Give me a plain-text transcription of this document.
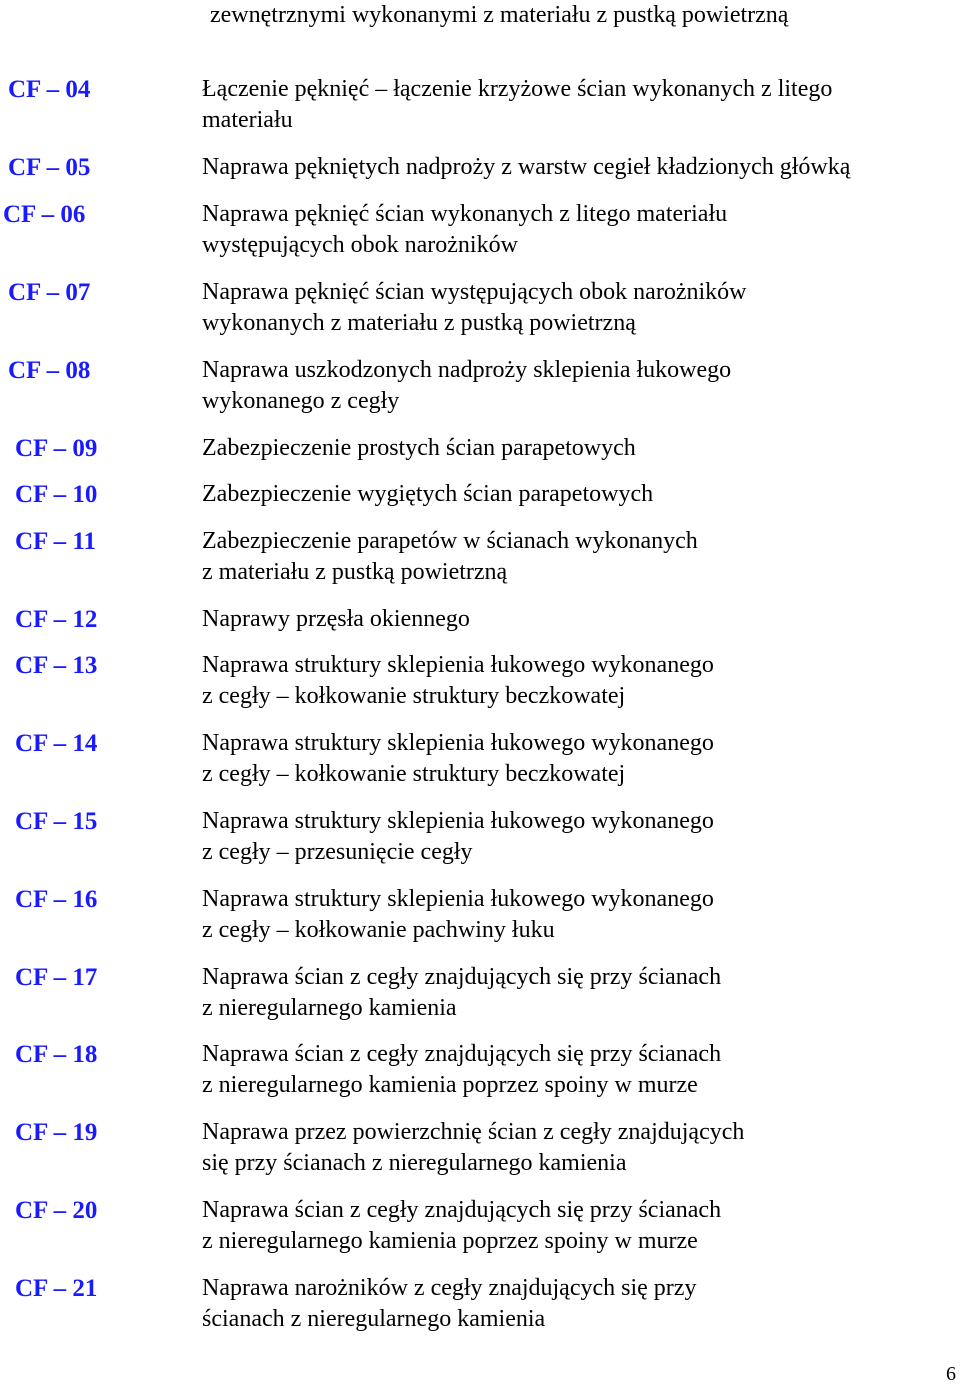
zewnętrznymi wykonanymi z materiału z pustką powietrzną
CF – 04	Łączenie pęknięć – łączenie krzyżowe ścian wykonanych z litego
materiału
CF – 05	Naprawa pękniętych nadproży z warstw cegieł kładzionych główką
CF – 06	Naprawa pęknięć ścian wykonanych z litego materiału
występujących obok narożników
CF – 07	Naprawa pęknięć ścian występujących obok narożników
wykonanych z materiału z pustką powietrzną
CF – 08	Naprawa uszkodzonych nadproży sklepienia łukowego
wykonanego z cegły
CF – 09	Zabezpieczenie prostych ścian parapetowych
CF – 10	Zabezpieczenie wygiętych ścian parapetowych
CF – 11	Zabezpieczenie parapetów w ścianach wykonanych
z materiału z pustką powietrzną
CF – 12	Naprawy przęsła okiennego
CF – 13	Naprawa struktury sklepienia łukowego wykonanego
z cegły – kołkowanie struktury beczkowatej
CF – 14	Naprawa struktury sklepienia łukowego wykonanego
z cegły – kołkowanie struktury beczkowatej
CF – 15	Naprawa struktury sklepienia łukowego wykonanego
z cegły – przesunięcie cegły
CF – 16	Naprawa struktury sklepienia łukowego wykonanego
z cegły – kołkowanie pachwiny łuku
CF – 17	Naprawa ścian z cegły znajdujących się przy ścianach
z nieregularnego kamienia
CF – 18	Naprawa ścian z cegły znajdujących się przy ścianach
z nieregularnego kamienia poprzez spoiny w murze
CF – 19	Naprawa przez powierzchnię ścian z cegły znajdujących
się przy ścianach z nieregularnego kamienia
CF – 20	Naprawa ścian z cegły znajdujących się przy ścianach
z nieregularnego kamienia poprzez spoiny w murze
CF – 21	Naprawa narożników z cegły znajdujących się przy
ścianach z nieregularnego kamienia
6
